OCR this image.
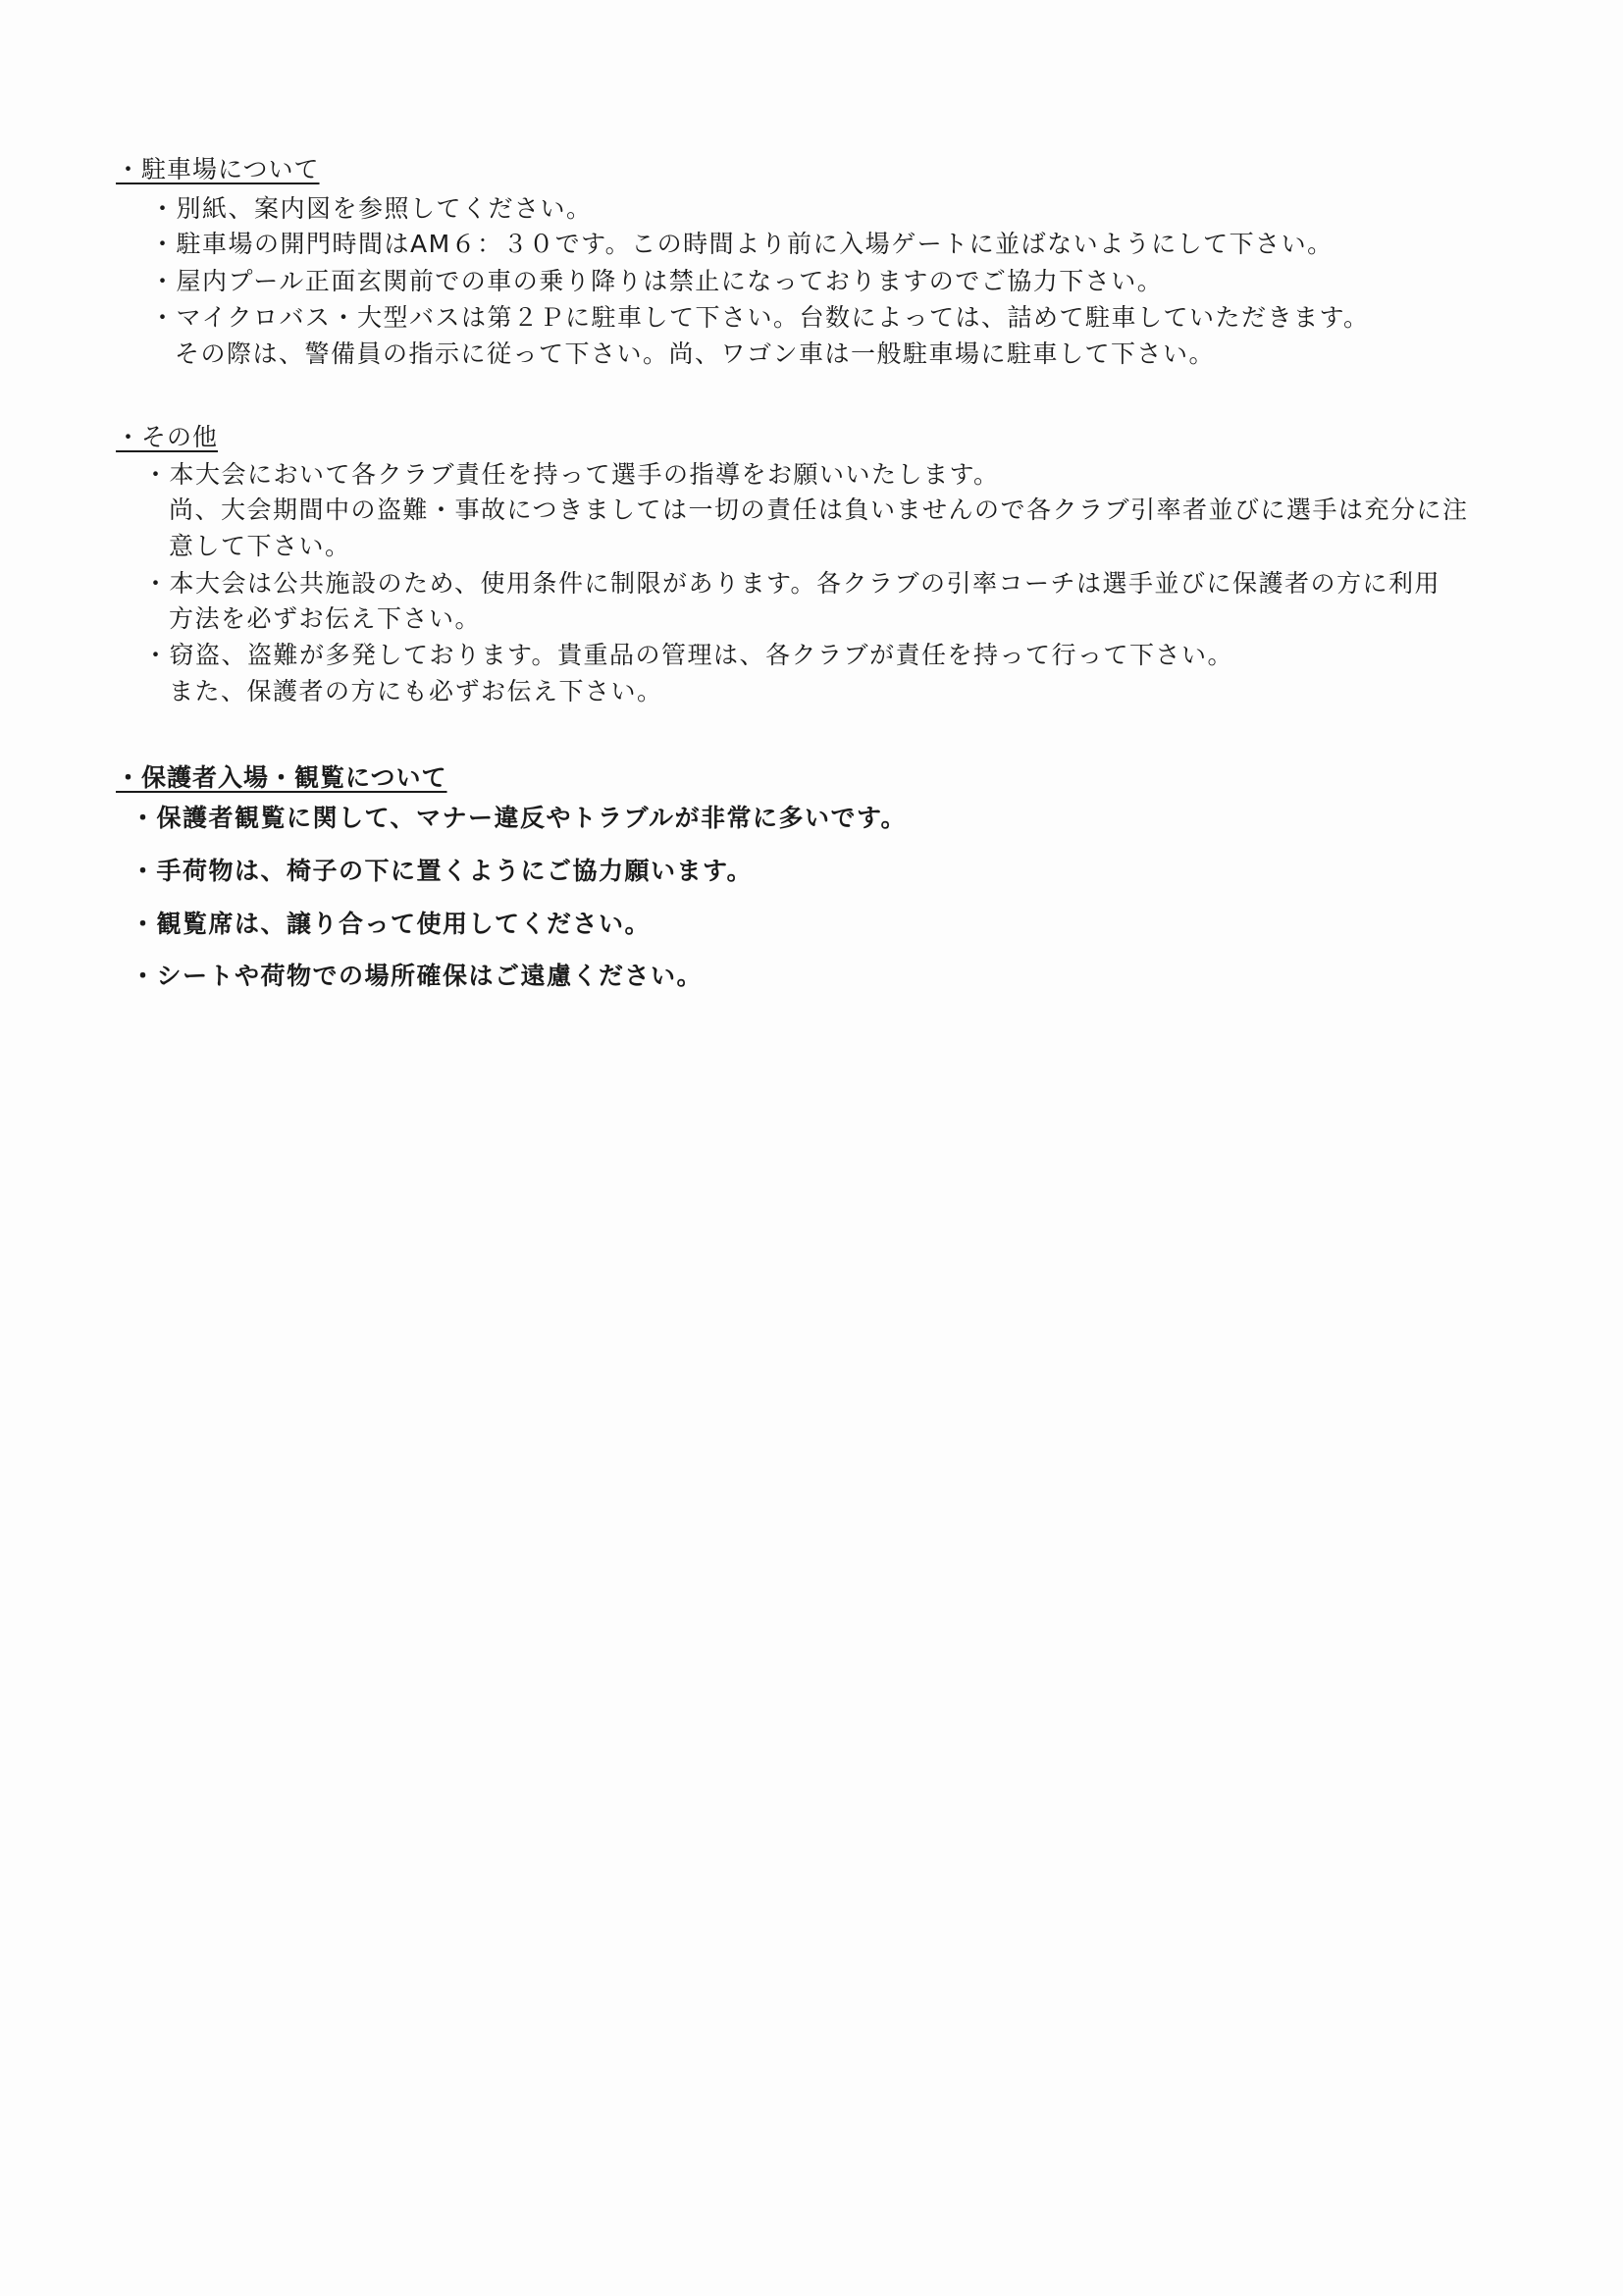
・駐車場について
・別紙、案内図を参照してください。
・駐車場の開門時間はAM６：３０です。この時間より前に入場ゲートに並ばないようにして下さい。
・屋内プール正面玄関前での車の乗り降りは禁止になっておりますのでご協力下さい。
・マイクロバス・大型バスは第２Ｐに駐車して下さい。台数によっては、詰めて駐車していただきます。
その際は、警備員の指示に従って下さい。尚、ワゴン車は一般駐車場に駐車して下さい。
・その他
・本大会において各クラブ責任を持って選手の指導をお願いいたします。
尚、大会期間中の盗難・事故につきましては一切の責任は負いませんので各クラブ引率者並びに選手は充分に注
意して下さい。
・本大会は公共施設のため、使用条件に制限があります。各クラブの引率コーチは選手並びに保護者の方に利用
方法を必ずお伝え下さい。
・窃盗、盗難が多発しております。貴重品の管理は、各クラブが責任を持って行って下さい。
また、保護者の方にも必ずお伝え下さい。
・保護者入場・観覧について
・保護者観覧に関して、マナー違反やトラブルが非常に多いです。
・手荷物は、椅子の下に置くようにご協力願います。
・観覧席は、譲り合って使用してください。
・シートや荷物での場所確保はご遠慮ください。
